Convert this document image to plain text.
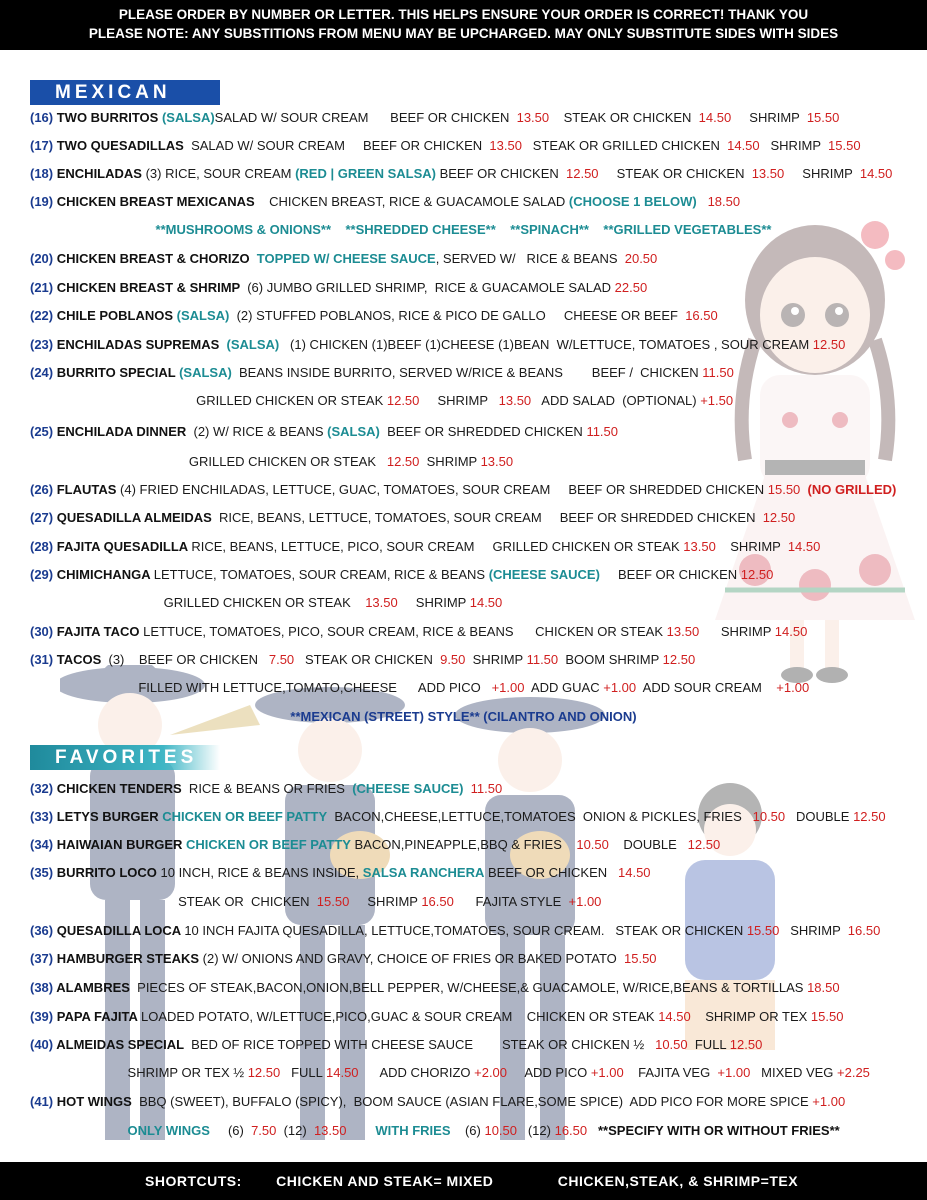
PLEASE ORDER BY NUMBER OR LETTER. THIS HELPS ENSURE YOUR ORDER IS CORRECT! THANK YOU
PLEASE NOTE: ANY SUBSTITIONS FROM MENU MAY BE UPCHARGED. MAY ONLY SUBSTITUTE SIDES WITH SIDES
MEXICAN
FAVORITES
(16) TWO BURRITOS (SALSA)SALAD W/ SOUR CREAM      BEEF OR CHICKEN  13.50    STEAK OR CHICKEN  14.50     SHRIMP  15.50
(17) TWO QUESADILLAS  SALAD W/ SOUR CREAM     BEEF OR CHICKEN  13.50   STEAK OR GRILLED CHICKEN  14.50   SHRIMP  15.50
(18) ENCHILADAS (3) RICE, SOUR CREAM (RED | GREEN SALSA) BEEF OR CHICKEN  12.50     STEAK OR CHICKEN  13.50     SHRIMP  14.50
(19) CHICKEN BREAST MEXICANAS    CHICKEN BREAST, RICE & GUACAMOLE SALAD (CHOOSE 1 BELOW) 18.50
**MUSHROOMS & ONIONS**    **SHREDDED CHEESE**    **SPINACH**    **GRILLED VEGETABLES**
(20) CHICKEN BREAST & CHORIZO  TOPPED W/ CHEESE SAUCE, SERVED W/   RICE & BEANS  20.50
(21) CHICKEN BREAST & SHRIMP  (6) JUMBO GRILLED SHRIMP,  RICE & GUACAMOLE SALAD 22.50
(22) CHILE POBLANOS (SALSA)  (2) STUFFED POBLANOS, RICE & PICO DE GALLO     CHEESE OR BEEF  16.50
(23) ENCHILADAS SUPREMAS  (SALSA)   (1) CHICKEN (1)BEEF (1)CHEESE (1)BEAN  W/LETTUCE, TOMATOES , SOUR CREAM 12.50
(24) BURRITO SPECIAL (SALSA)  BEANS INSIDE BURRITO, SERVED W/RICE & BEANS        BEEF /  CHICKEN 11.50
GRILLED CHICKEN OR STEAK 12.50     SHRIMP   13.50   ADD SALAD  (OPTIONAL) +1.50
(25) ENCHILADA DINNER  (2) W/ RICE & BEANS (SALSA)  BEEF OR SHREDDED CHICKEN 11.50
GRILLED CHICKEN OR STEAK   12.50  SHRIMP 13.50
(26) FLAUTAS (4) FRIED ENCHILADAS, LETTUCE, GUAC, TOMATOES, SOUR CREAM     BEEF OR SHREDDED CHICKEN 15.50 (NO GRILLED)
(27) QUESADILLA ALMEIDAS  RICE, BEANS, LETTUCE, TOMATOES, SOUR CREAM     BEEF OR SHREDDED CHICKEN  12.50
(28) FAJITA QUESADILLA RICE, BEANS, LETTUCE, PICO, SOUR CREAM     GRILLED CHICKEN OR STEAK 13.50    SHRIMP  14.50
(29) CHIMICHANGA LETTUCE, TOMATOES, SOUR CREAM, RICE & BEANS (CHEESE SAUCE)     BEEF OR CHICKEN 12.50
GRILLED CHICKEN OR STEAK    13.50     SHRIMP 14.50
(30) FAJITA TACO LETTUCE, TOMATOES, PICO, SOUR CREAM, RICE & BEANS      CHICKEN OR STEAK 13.50      SHRIMP 14.50
(31) TACOS  (3)    BEEF OR CHICKEN   7.50   STEAK OR CHICKEN  9.50  SHRIMP 11.50  BOOM SHRIMP 12.50
FILLED WITH LETTUCE,TOMATO,CHEESE      ADD PICO   +1.00  ADD GUAC +1.00  ADD SOUR CREAM    +1.00
**MEXICAN (STREET) STYLE** (CILANTRO AND ONION)
(32) CHICKEN TENDERS  RICE & BEANS OR FRIES  (CHEESE SAUCE) 11.50
(33) LETYS BURGER CHICKEN OR BEEF PATTY  BACON,CHEESE,LETTUCE,TOMATOES  ONION & PICKLES, FRIES   10.50   DOUBLE 12.50
(34) HAIWAIAN BURGER CHICKEN OR BEEF PATTY BACON,PINEAPPLE,BBQ & FRIES    10.50    DOUBLE   12.50
(35) BURRITO LOCO 10 INCH, RICE & BEANS INSIDE, SALSA RANCHERA BEEF OR CHICKEN   14.50
STEAK OR  CHICKEN  15.50     SHRIMP 16.50      FAJITA STYLE  +1.00
(36) QUESADILLA LOCA 10 INCH FAJITA QUESADILLA, LETTUCE,TOMATOES, SOUR CREAM.   STEAK OR CHICKEN 15.50   SHRIMP  16.50
(37) HAMBURGER STEAKS (2) W/ ONIONS AND GRAVY, CHOICE OF FRIES OR BAKED POTATO  15.50
(38) ALAMBRES  PIECES OF STEAK,BACON,ONION,BELL PEPPER, W/CHEESE,& GUACAMOLE, W/RICE,BEANS & TORTILLAS 18.50
(39) PAPA FAJITA LOADED POTATO, W/LETTUCE,PICO,GUAC & SOUR CREAM    CHICKEN OR STEAK 14.50    SHRIMP OR TEX 15.50
(40) ALMEIDAS SPECIAL  BED OF RICE TOPPED WITH CHEESE SAUCE        STEAK OR CHICKEN ½   10.50  FULL 12.50
SHRIMP OR TEX ½ 12.50   FULL 14.50      ADD CHORIZO +2.00     ADD PICO +1.00    FAJITA VEG  +1.00   MIXED VEG +2.25
(41) HOT WINGS  BBQ (SWEET), BUFFALO (SPICY),  BOOM SAUCE (ASIAN FLARE,SOME SPICE)  ADD PICO FOR MORE SPICE +1.00
ONLY WINGS     (6)  7.50  (12)  13.50 WITH FRIES    (6) 10.50   (12) 16.50 **SPECIFY WITH OR WITHOUT FRIES**
SHORTCUTS: CHICKEN AND STEAK= MIXED	CHICKEN,STEAK, & SHRIMP=TEX
